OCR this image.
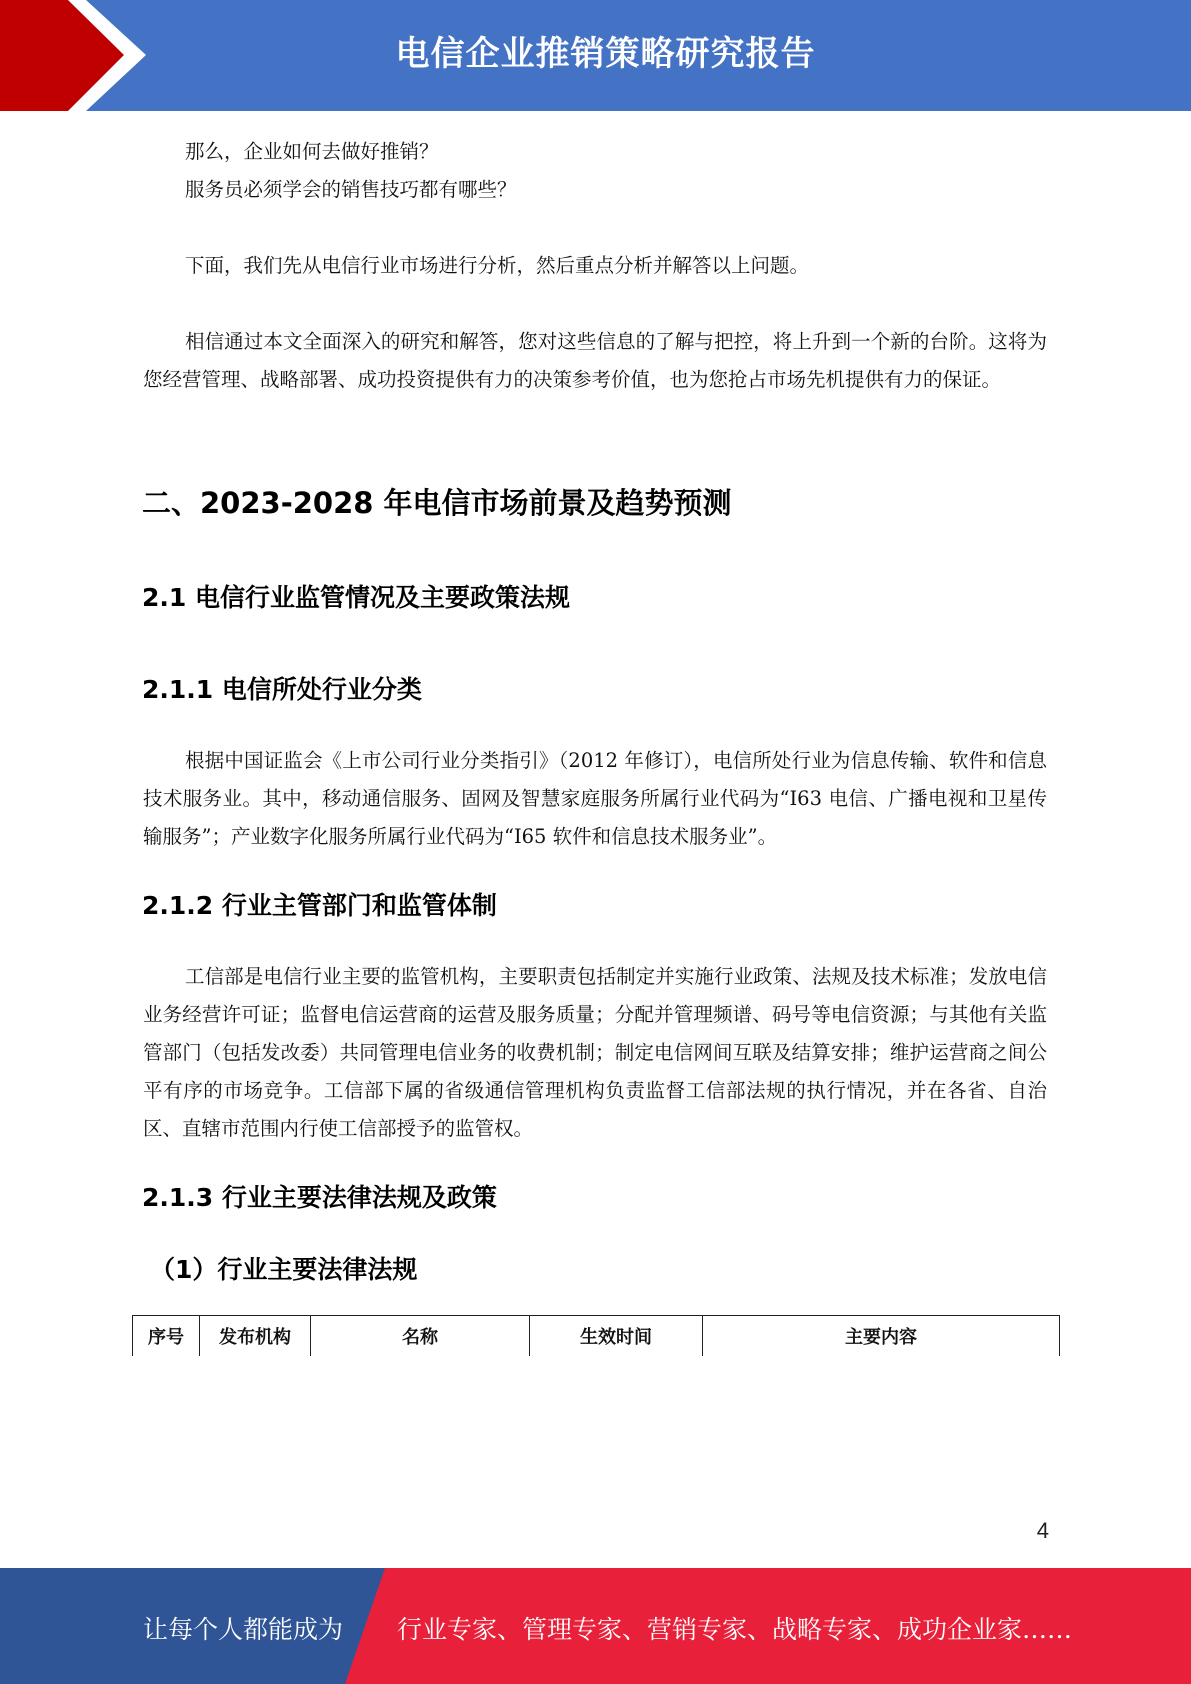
电信企业推销策略研究报告

那么，企业如何去做好推销？

服务员必须学会的销售技巧都有哪些？

下面，我们先从电信行业市场进行分析，然后重点分析并解答以上问题。

相信通过本文全面深入的研究和解答，您对这些信息的了解与把控，将上升到一个新的台阶。这将为您经营管理、战略部署、成功投资提供有力的决策参考价值，也为您抢占市场先机提供有力的保证。

二、2023-2028 年电信市场前景及趋势预测
2.1 电信行业监管情况及主要政策法规
2.1.1 电信所处行业分类

根据中国证监会《上市公司行业分类指引》（2012 年修订），电信所处行业为信息传输、软件和信息技术服务业。其中，移动通信服务、固网及智慧家庭服务所属行业代码为“I63 电信、广播电视和卫星传输服务”；产业数字化服务所属行业代码为“I65 软件和信息技术服务业”。

2.1.2 行业主管部门和监管体制

工信部是电信行业主要的监管机构，主要职责包括制定并实施行业政策、法规及技术标准；发放电信业务经营许可证；监督电信运营商的运营及服务质量；分配并管理频谱、码号等电信资源；与其他有关监管部门（包括发改委）共同管理电信业务的收费机制；制定电信网间互联及结算安排；维护运营商之间公平有序的市场竞争。工信部下属的省级通信管理机构负责监督工信部法规的执行情况，并在各省、自治区、直辖市范围内行使工信部授予的监管权。

2.1.3 行业主要法律法规及政策
（1）行业主要法律法规
序号	发布机构	名称	生效时间	主要内容
4
让每个人都能成为 行业专家、管理专家、营销专家、战略专家、成功企业家……
